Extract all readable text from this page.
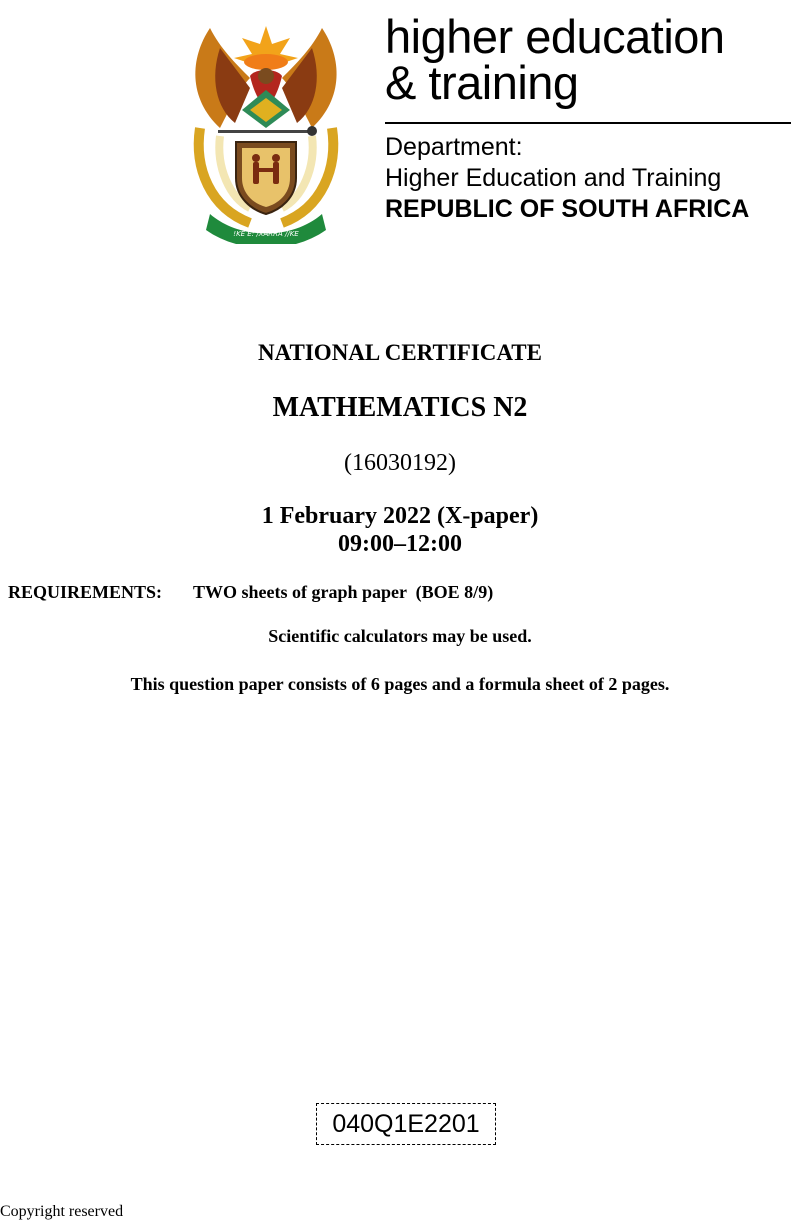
!KE E: /XARRA //KE
higher education
& training
Department:
Higher Education and Training
REPUBLIC OF SOUTH AFRICA
NATIONAL CERTIFICATE
MATHEMATICS N2
(16030192)
1 February 2022 (X-paper)
09:00–12:00
REQUIREMENTS: TWO sheets of graph paper  (BOE 8/9)
Scientific calculators may be used.
This question paper consists of 6 pages and a formula sheet of 2 pages.
040Q1E2201
Copyright reserved
